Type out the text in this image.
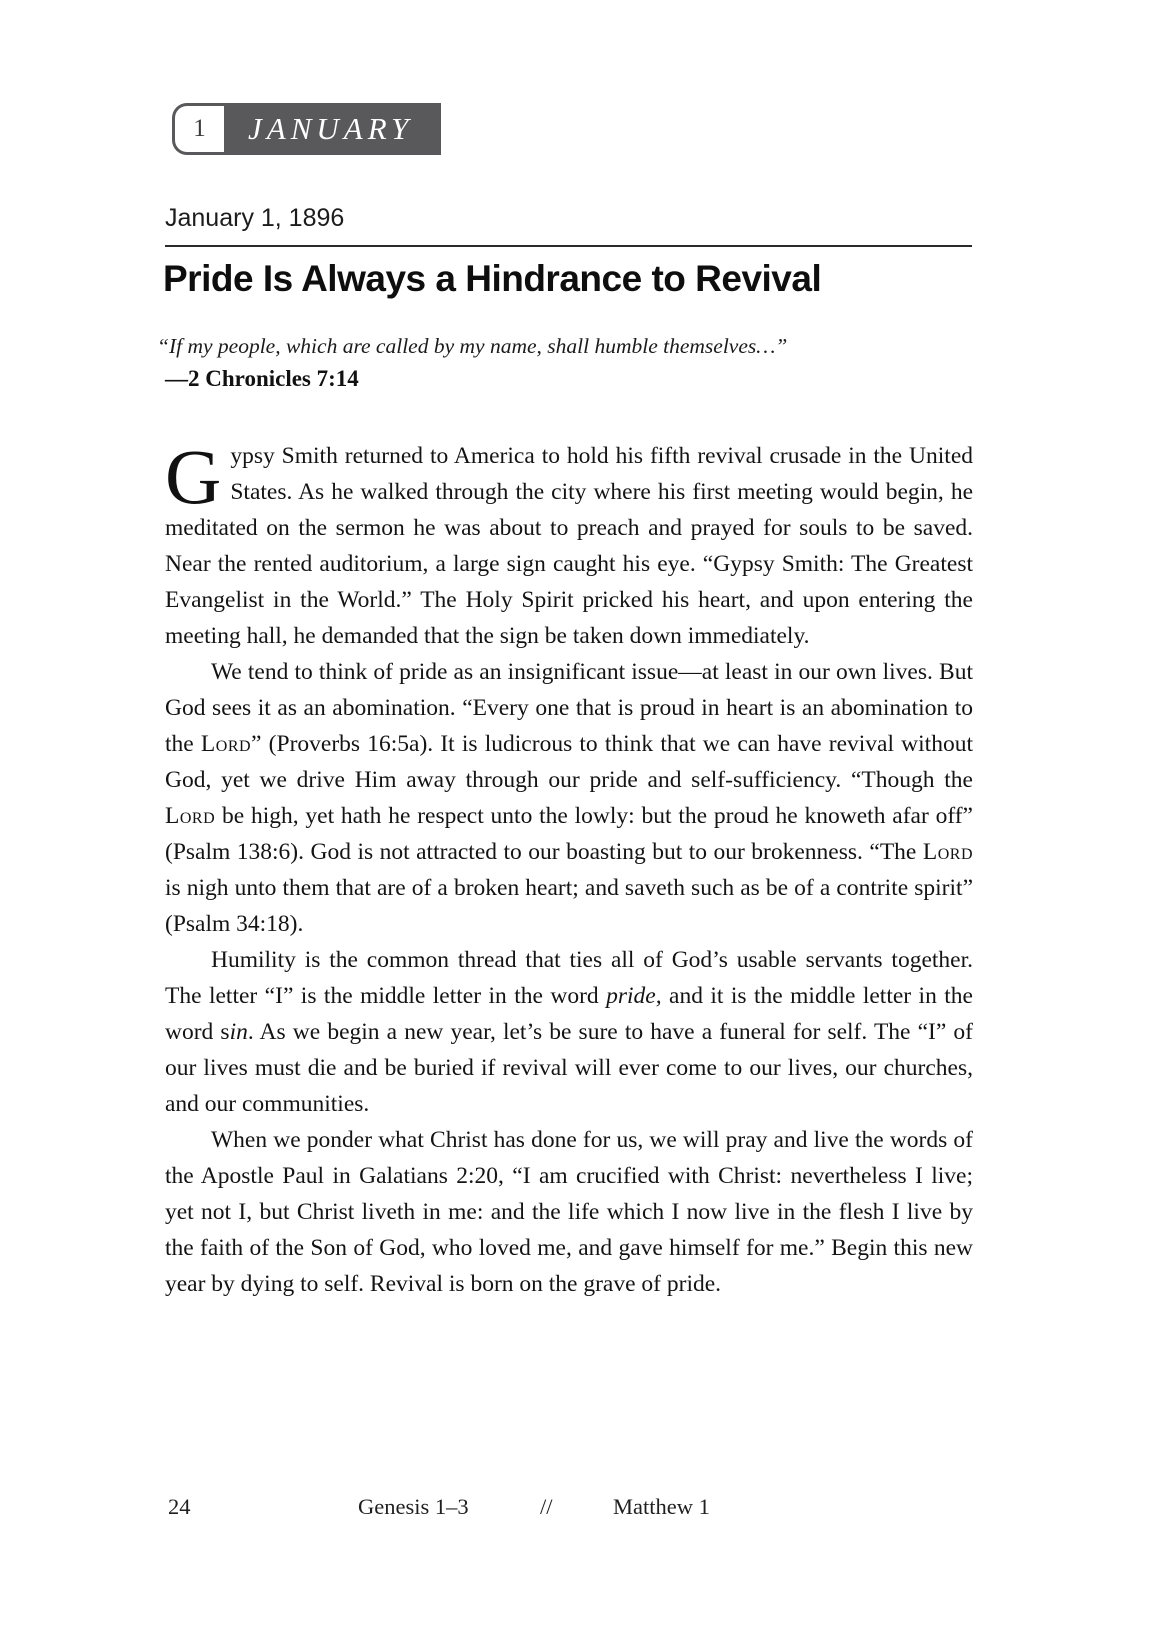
1 JANUARY
January 1, 1896
Pride Is Always a Hindrance to Revival
“If my people, which are called by my name, shall humble themselves…”
—2 Chronicles 7:14

Gypsy Smith returned to America to hold his fifth revival crusade in the United States. As he walked through the city where his first meeting would begin, he meditated on the sermon he was about to preach and prayed for souls to be saved. Near the rented auditorium, a large sign caught his eye. “Gypsy Smith: The Greatest Evangelist in the World.” The Holy Spirit pricked his heart, and upon entering the meeting hall, he demanded that the sign be taken down immediately.

We tend to think of pride as an insignificant issue—at least in our own lives. But God sees it as an abomination. “Every one that is proud in heart is an abomination to the Lord” (Proverbs 16:5a). It is ludicrous to think that we can have revival without God, yet we drive Him away through our pride and self-sufficiency. “Though the Lord be high, yet hath he respect unto the lowly: but the proud he knoweth afar off” (Psalm 138:6). God is not attracted to our boasting but to our brokenness. “The Lord is nigh unto them that are of a broken heart; and saveth such as be of a contrite spirit” (Psalm 34:18).

Humility is the common thread that ties all of God’s usable servants together. The letter “I” is the middle letter in the word pride, and it is the middle letter in the word sin. As we begin a new year, let’s be sure to have a funeral for self. The “I” of our lives must die and be buried if revival will ever come to our lives, our churches, and our communities.

When we ponder what Christ has done for us, we will pray and live the words of the Apostle Paul in Galatians 2:20, “I am crucified with Christ: nevertheless I live; yet not I, but Christ liveth in me: and the life which I now live in the flesh I live by the faith of the Son of God, who loved me, and gave himself for me.” Begin this new year by dying to self. Revival is born on the grave of pride.

24	Genesis 1–3	//	Matthew 1
